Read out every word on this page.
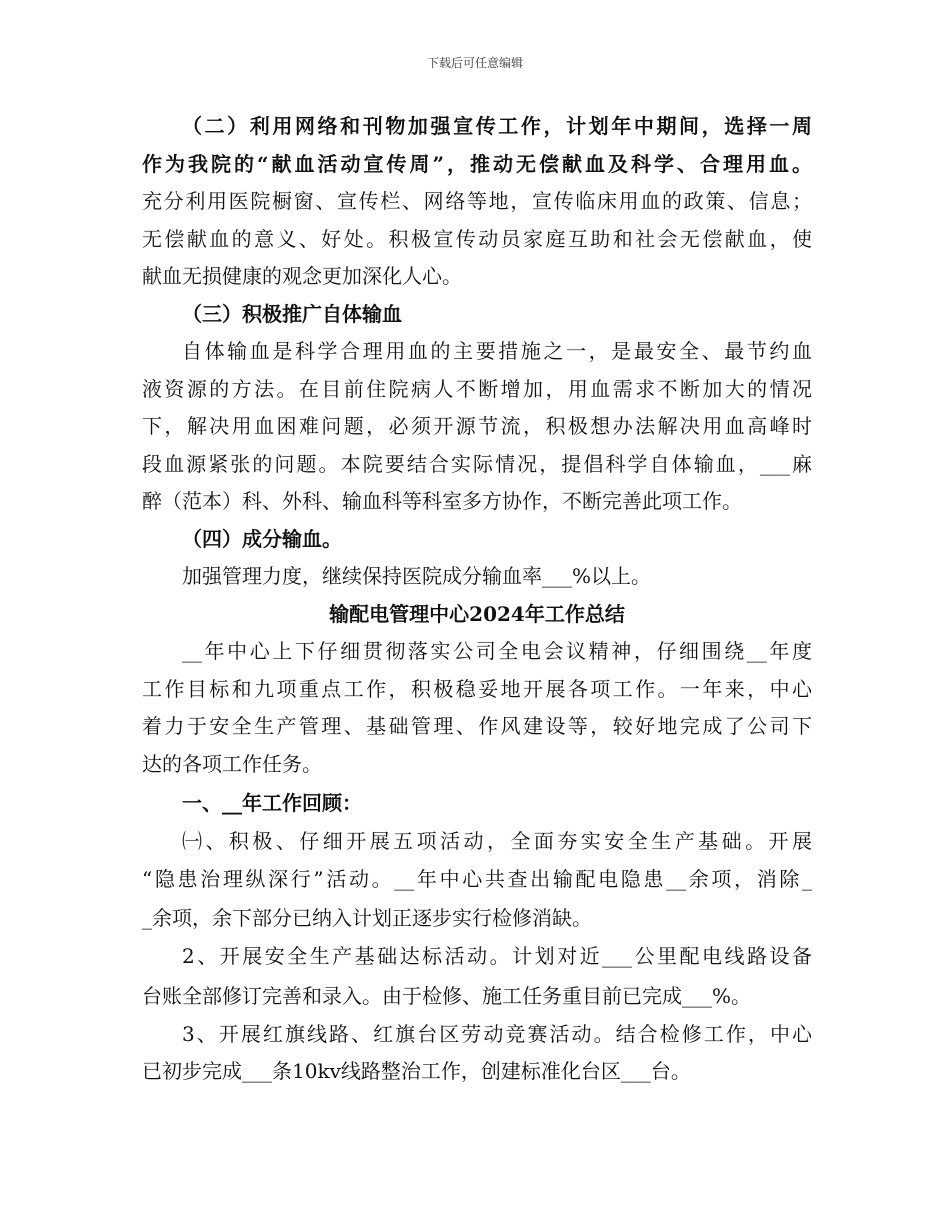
下载后可任意编辑
（二）利用网络和刊物加强宣传工作，计划年中期间，选择一周
作为我院的“献血活动宣传周”，推动无偿献血及科学、合理用血。
充分利用医院橱窗、宣传栏、网络等地，宣传临床用血的政策、信息；
无偿献血的意义、好处。积极宣传动员家庭互助和社会无偿献血，使
献血无损健康的观念更加深化人心。
（三）积极推广自体输血
自体输血是科学合理用血的主要措施之一，是最安全、最节约血
液资源的方法。在目前住院病人不断增加，用血需求不断加大的情况
下，解决用血困难问题，必须开源节流，积极想办法解决用血高峰时
段血源紧张的问题。本院要结合实际情况，提倡科学自体输血，___麻
醉（范本）科、外科、输血科等科室多方协作，不断完善此项工作。
（四）成分输血。
加强管理力度，继续保持医院成分输血率___%以上。
输配电管理中心2024年工作总结
__年中心上下仔细贯彻落实公司全电会议精神，仔细围绕__年度
工作目标和九项重点工作，积极稳妥地开展各项工作。一年来，中心
着力于安全生产管理、基础管理、作风建设等，较好地完成了公司下
达的各项工作任务。
一、__年工作回顾：
㈠、积极、仔细开展五项活动，全面夯实安全生产基础。开展
“隐患治理纵深行”活动。__年中心共查出输配电隐患__余项，消除_
_余项，余下部分已纳入计划正逐步实行检修消缺。
2、开展安全生产基础达标活动。计划对近___公里配电线路设备
台账全部修订完善和录入。由于检修、施工任务重目前已完成___%。
3、开展红旗线路、红旗台区劳动竞赛活动。结合检修工作，中心
已初步完成___条10kv线路整治工作，创建标准化台区___台。
